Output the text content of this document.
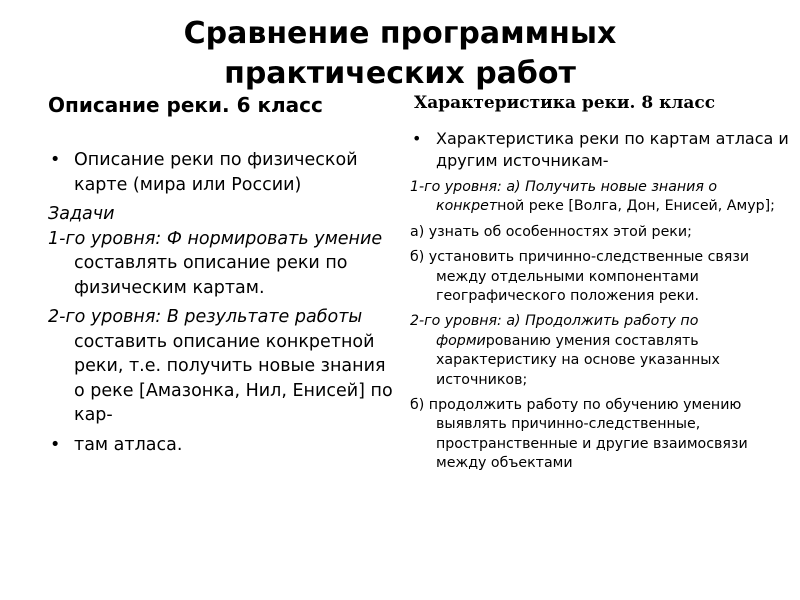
Сравнение программных
практических работ
Описание реки. 6 класс
• Описание реки по физической карте (мира или России)
Задачи
1-го уровня: Ф нормировать умение составлять описание реки по физическим картам.
2-го уровня: В результате работы составить описание конкретной реки, т.е. получить новые знания о реке [Амазонка, Нил, Енисей] по кар-
• там атласа.
Характеристика реки. 8 класс
• Характеристика реки по картам атласа и другим источникам-
1-го уровня: а) Получить новые знания о конкретной реке [Волга, Дон, Енисей, Амур];
а) узнать об особенностях этой реки;
б) установить причинно-следственные связи между отдельными компонентами географического положения реки.
2-го уровня: а) Продолжить работу по формированию умения составлять характеристику на основе указанных источников;
б) продолжить работу по обучению умению выявлять причинно-следственные, пространственные и другие взаимосвязи между объектами
